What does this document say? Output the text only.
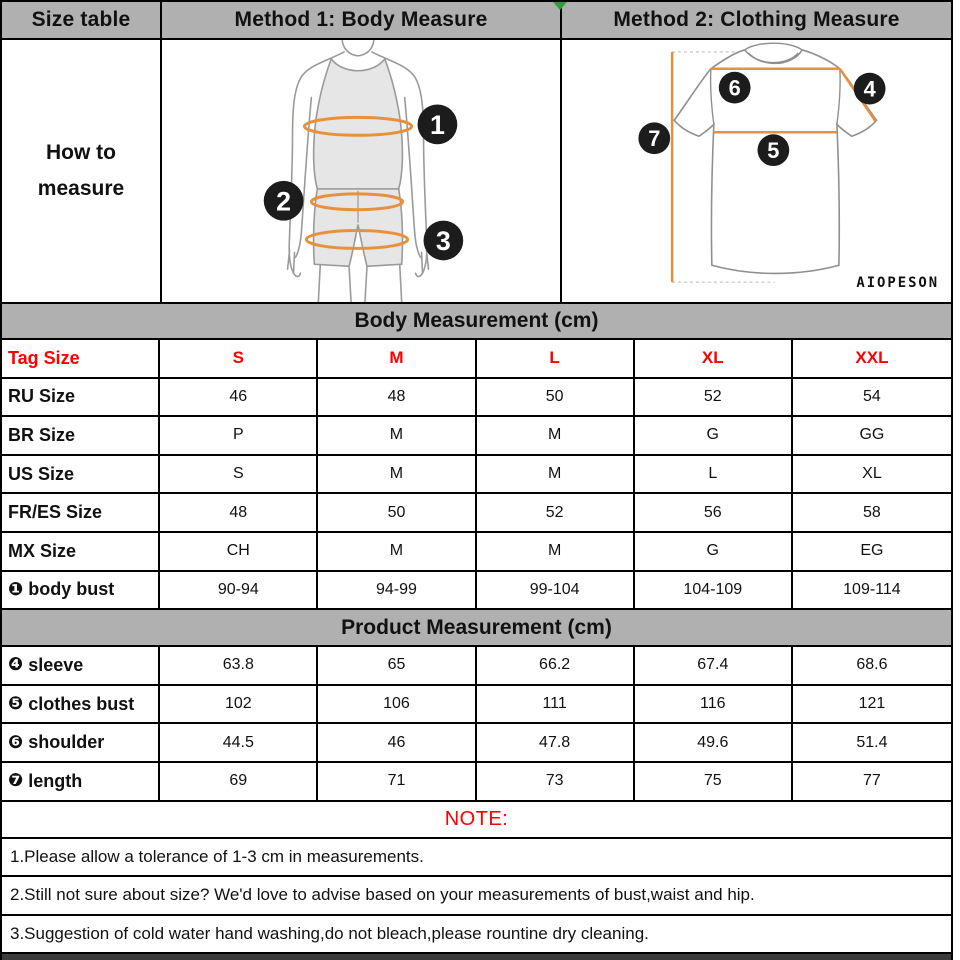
Size table	Method 1: Body Measure	Method 2: Clothing Measure
How to
measure
1
2
3
4
5
6
7
AIOPESON
Body Measurement (cm)
Tag Size	S	M	L	XL	XXL
RU Size	46	48	50	52	54
BR Size	P	M	M	G	GG
US Size	S	M	M	L	XL
FR/ES Size	48	50	52	56	58
MX Size	CH	M	M	G	EG
❶ body bust	90-94	94-99	99-104	104-109	109-114
Product Measurement (cm)
❹ sleeve	63.8	65	66.2	67.4	68.6
❺ clothes bust	102	106	111	116	121
❻ shoulder	44.5	46	47.8	49.6	51.4
❼ length	69	71	73	75	77
NOTE:
1.Please allow a tolerance of 1-3 cm in measurements.
2.Still not sure about size? We'd love to advise based on your measurements of bust,waist and hip.
3.Suggestion of cold water hand washing,do not bleach,please rountine dry cleaning.
